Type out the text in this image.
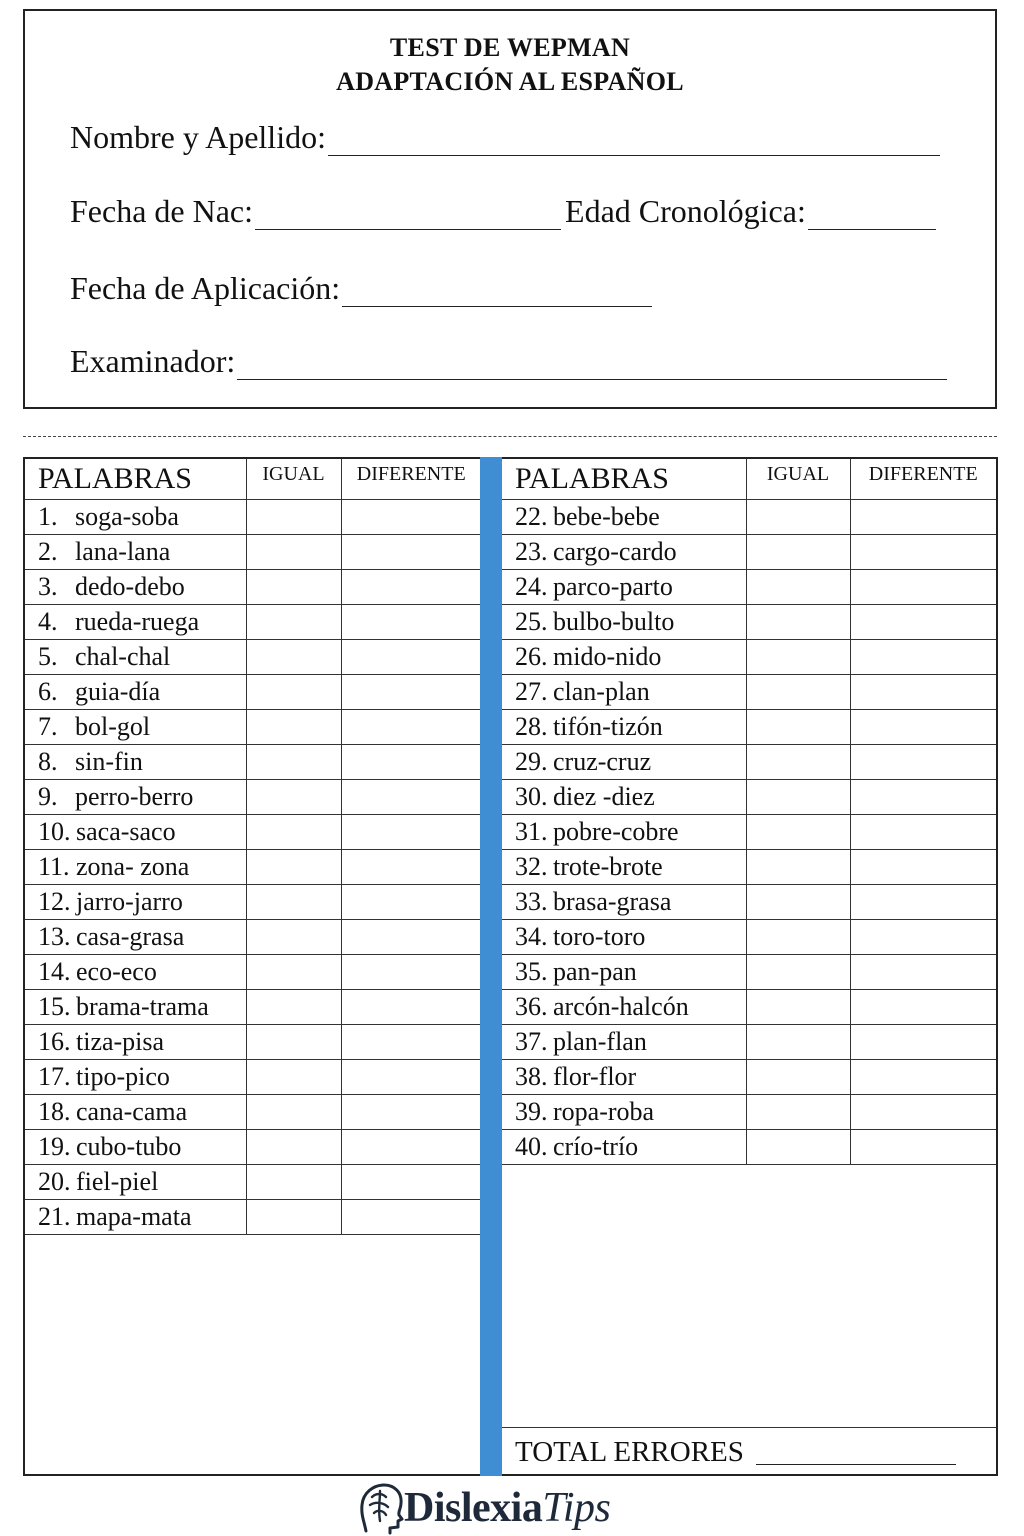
TEST DE WEPMAN
ADAPTACIÓN AL ESPAÑOL
Nombre y Apellido:
Fecha de Nac:	Edad Cronológica:
Fecha de Aplicación:
Examinador:
PALABRAS	IGUAL	DIFERENTE
1. soga-soba		
2. lana-lana		
3. dedo-debo		
4. rueda-ruega		
5. chal-chal		
6. guia-día		
7. bol-gol		
8. sin-fin		
9. perro-berro		
10. saca-saco		
11. zona- zona		
12. jarro-jarro		
13. casa-grasa		
14. eco-eco		
15. brama-trama		
16. tiza-pisa		
17. tipo-pico		
18. cana-cama		
19. cubo-tubo		
20. fiel-piel		
21. mapa-mata		
PALABRAS	IGUAL	DIFERENTE
22. bebe-bebe		
23. cargo-cardo		
24. parco-parto		
25. bulbo-bulto		
26. mido-nido		
27. clan-plan		
28. tifón-tizón		
29. cruz-cruz		
30. diez -diez		
31. pobre-cobre		
32. trote-brote		
33. brasa-grasa		
34. toro-toro		
35. pan-pan		
36. arcón-halcón		
37. plan-flan		
38. flor-flor		
39. ropa-roba		
40. crío-trío		
TOTAL ERRORES
DislexiaTips
